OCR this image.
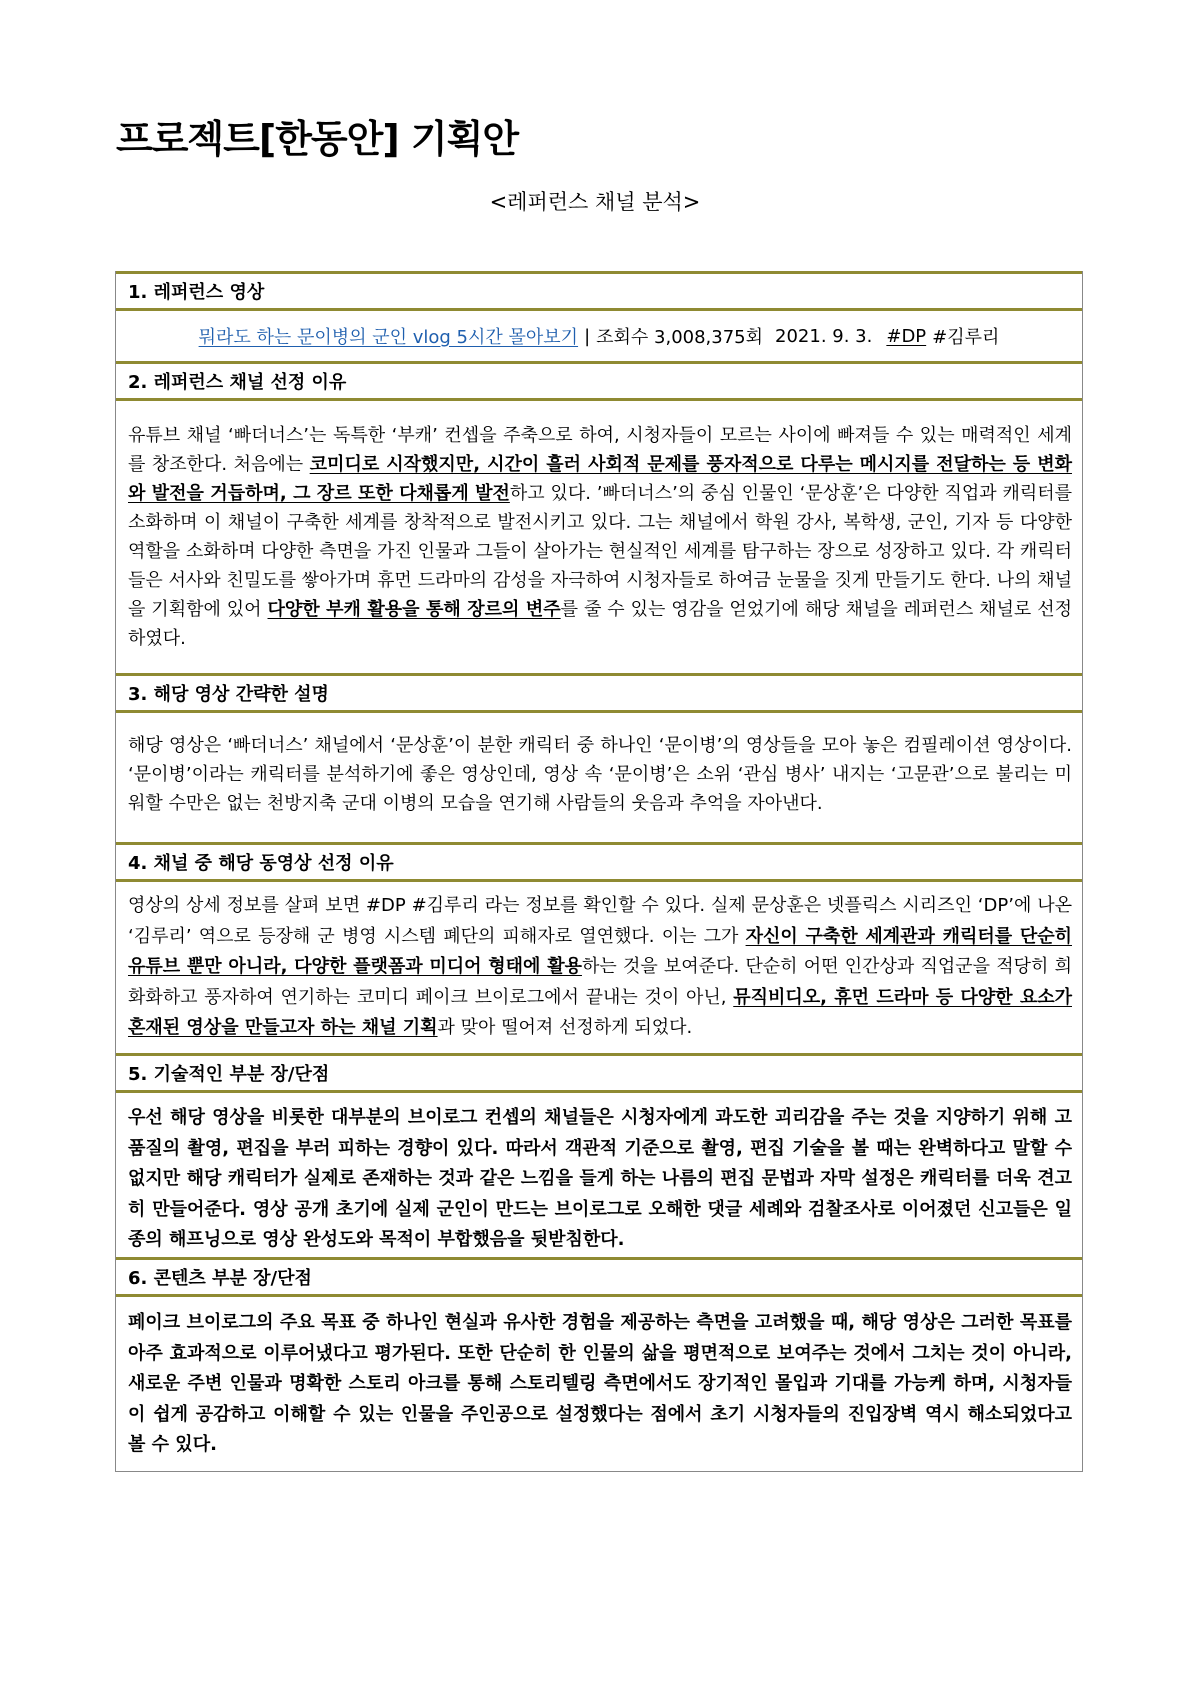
프로젝트[한동안] 기획안
<레퍼런스 채널 분석>
1. 레퍼런스 영상
뭐라도 하는 문이병의 군인 vlog 5시간 몰아보기 | 조회수 3,008,375회 2021. 9. 3. #DP #김루리
2. 레퍼런스 채널 선정 이유
유튜브 채널 ‘빠더너스’는 독특한 ‘부캐’ 컨셉을 주축으로 하여, 시청자들이 모르는 사이에 빠져들 수 있는 매력적인 세계를 창조한다. 처음에는 코미디로 시작했지만, 시간이 흘러 사회적 문제를 풍자적으로 다루는 메시지를 전달하는 등 변화와 발전을 거듭하며, 그 장르 또한 다채롭게 발전하고 있다. ’빠더너스’의 중심 인물인 ‘문상훈’은 다양한 직업과 캐릭터를 소화하며 이 채널이 구축한 세계를 창착적으로 발전시키고 있다. 그는 채널에서 학원 강사, 복학생, 군인, 기자 등 다양한 역할을 소화하며 다양한 측면을 가진 인물과 그들이 살아가는 현실적인 세계를 탐구하는 장으로 성장하고 있다. 각 캐릭터들은 서사와 친밀도를 쌓아가며 휴먼 드라마의 감성을 자극하여 시청자들로 하여금 눈물을 짓게 만들기도 한다. 나의 채널을 기획함에 있어 다양한 부캐 활용을 통해 장르의 변주를 줄 수 있는 영감을 얻었기에 해당 채널을 레퍼런스 채널로 선정하였다.
3. 해당 영상 간략한 설명
해당 영상은 ‘빠더너스’ 채널에서 ‘문상훈’이 분한 캐릭터 중 하나인 ‘문이병’의 영상들을 모아 놓은 컴필레이션 영상이다. ‘문이병’이라는 캐릭터를 분석하기에 좋은 영상인데, 영상 속 ‘문이병’은 소위 ‘관심 병사’ 내지는 ‘고문관’으로 불리는 미워할 수만은 없는 천방지축 군대 이병의 모습을 연기해 사람들의 웃음과 추억을 자아낸다.
4. 채널 중 해당 동영상 선정 이유
영상의 상세 정보를 살펴 보면 #DP #김루리 라는 정보를 확인할 수 있다. 실제 문상훈은 넷플릭스 시리즈인 ‘DP’에 나온 ‘김루리’ 역으로 등장해 군 병영 시스템 폐단의 피해자로 열연했다. 이는 그가 자신이 구축한 세계관과 캐릭터를 단순히 유튜브 뿐만 아니라, 다양한 플랫폼과 미디어 형태에 활용하는 것을 보여준다. 단순히 어떤 인간상과 직업군을 적당히 희화화하고 풍자하여 연기하는 코미디 페이크 브이로그에서 끝내는 것이 아닌, 뮤직비디오, 휴먼 드라마 등 다양한 요소가 혼재된 영상을 만들고자 하는 채널 기획과 맞아 떨어져 선정하게 되었다.
5. 기술적인 부분 장/단점
우선 해당 영상을 비롯한 대부분의 브이로그 컨셉의 채널들은 시청자에게 과도한 괴리감을 주는 것을 지양하기 위해 고품질의 촬영, 편집을 부러 피하는 경향이 있다. 따라서 객관적 기준으로 촬영, 편집 기술을 볼 때는 완벽하다고 말할 수 없지만 해당 캐릭터가 실제로 존재하는 것과 같은 느낌을 들게 하는 나름의 편집 문법과 자막 설정은 캐릭터를 더욱 견고히 만들어준다. 영상 공개 초기에 실제 군인이 만드는 브이로그로 오해한 댓글 세례와 검찰조사로 이어졌던 신고들은 일종의 해프닝으로 영상 완성도와 목적이 부합했음을 뒷받침한다.
6. 콘텐츠 부분 장/단점
페이크 브이로그의 주요 목표 중 하나인 현실과 유사한 경험을 제공하는 측면을 고려했을 때, 해당 영상은 그러한 목표를 아주 효과적으로 이루어냈다고 평가된다. 또한 단순히 한 인물의 삶을 평면적으로 보여주는 것에서 그치는 것이 아니라, 새로운 주변 인물과 명확한 스토리 아크를 통해 스토리텔링 측면에서도 장기적인 몰입과 기대를 가능케 하며, 시청자들이 쉽게 공감하고 이해할 수 있는 인물을 주인공으로 설정했다는 점에서 초기 시청자들의 진입장벽 역시 해소되었다고 볼 수 있다.
